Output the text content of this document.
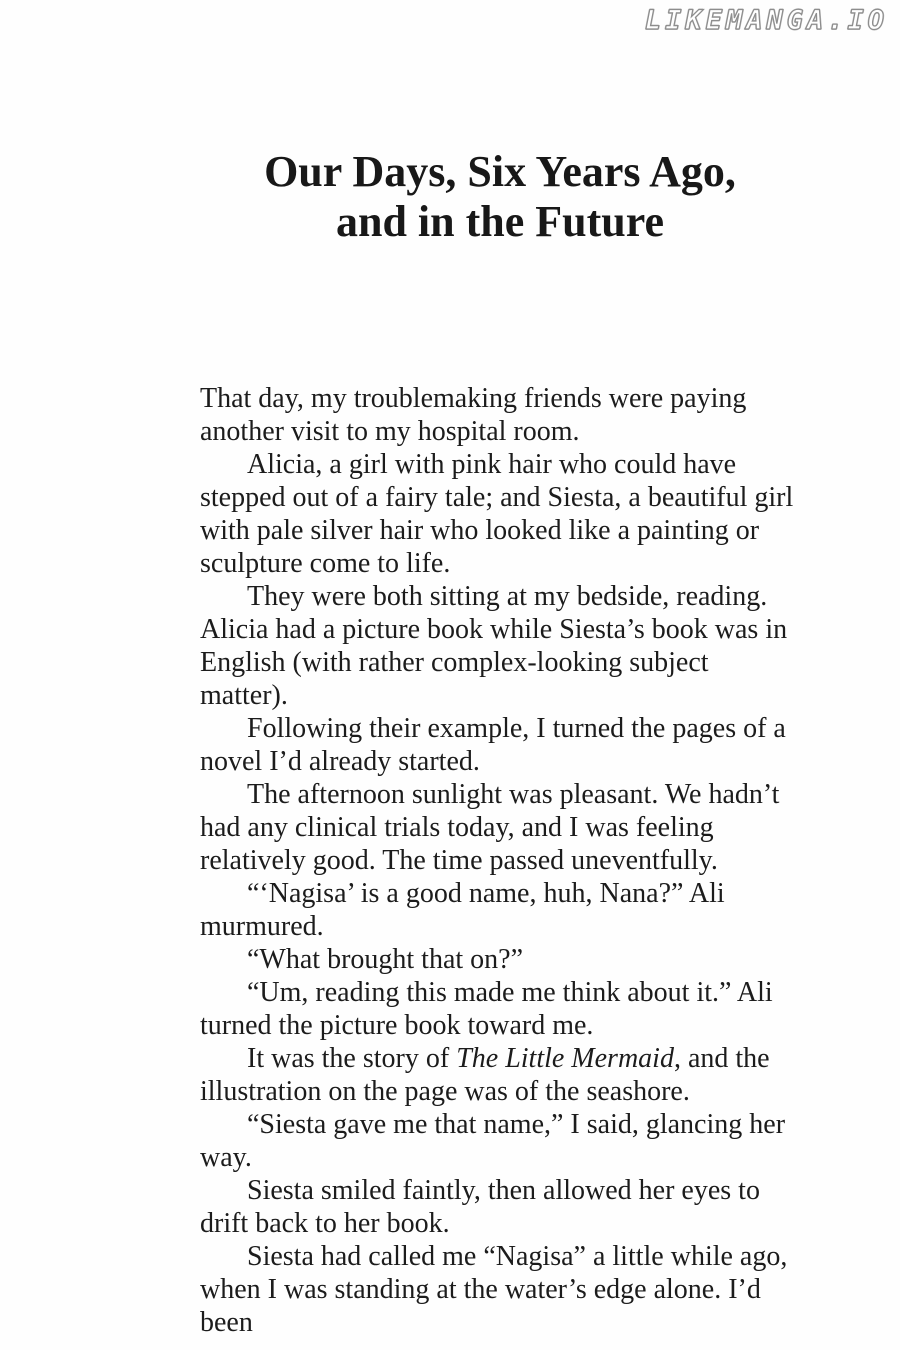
LIKEMANGA.IO
Our Days, Six Years Ago,
and in the Future

That day, my troublemaking friends were paying another visit to my hospital room.

Alicia, a girl with pink hair who could have stepped out of a fairy tale; and Siesta, a beautiful girl with pale silver hair who looked like a painting or sculpture come to life.

They were both sitting at my bedside, reading. Alicia had a picture book while Siesta’s book was in English (with rather complex-looking subject matter).

Following their example, I turned the pages of a novel I’d already started.

The afternoon sunlight was pleasant. We hadn’t had any clinical trials today, and I was feeling relatively good. The time passed uneventfully.

“‘Nagisa’ is a good name, huh, Nana?” Ali murmured.

“What brought that on?”

“Um, reading this made me think about it.” Ali turned the picture book toward me.

It was the story of The Little Mermaid, and the illustration on the page was of the seashore.

“Siesta gave me that name,” I said, glancing her way.

Siesta smiled faintly, then allowed her eyes to drift back to her book.

Siesta had called me “Nagisa” a little while ago, when I was standing at the water’s edge alone. I’d been
